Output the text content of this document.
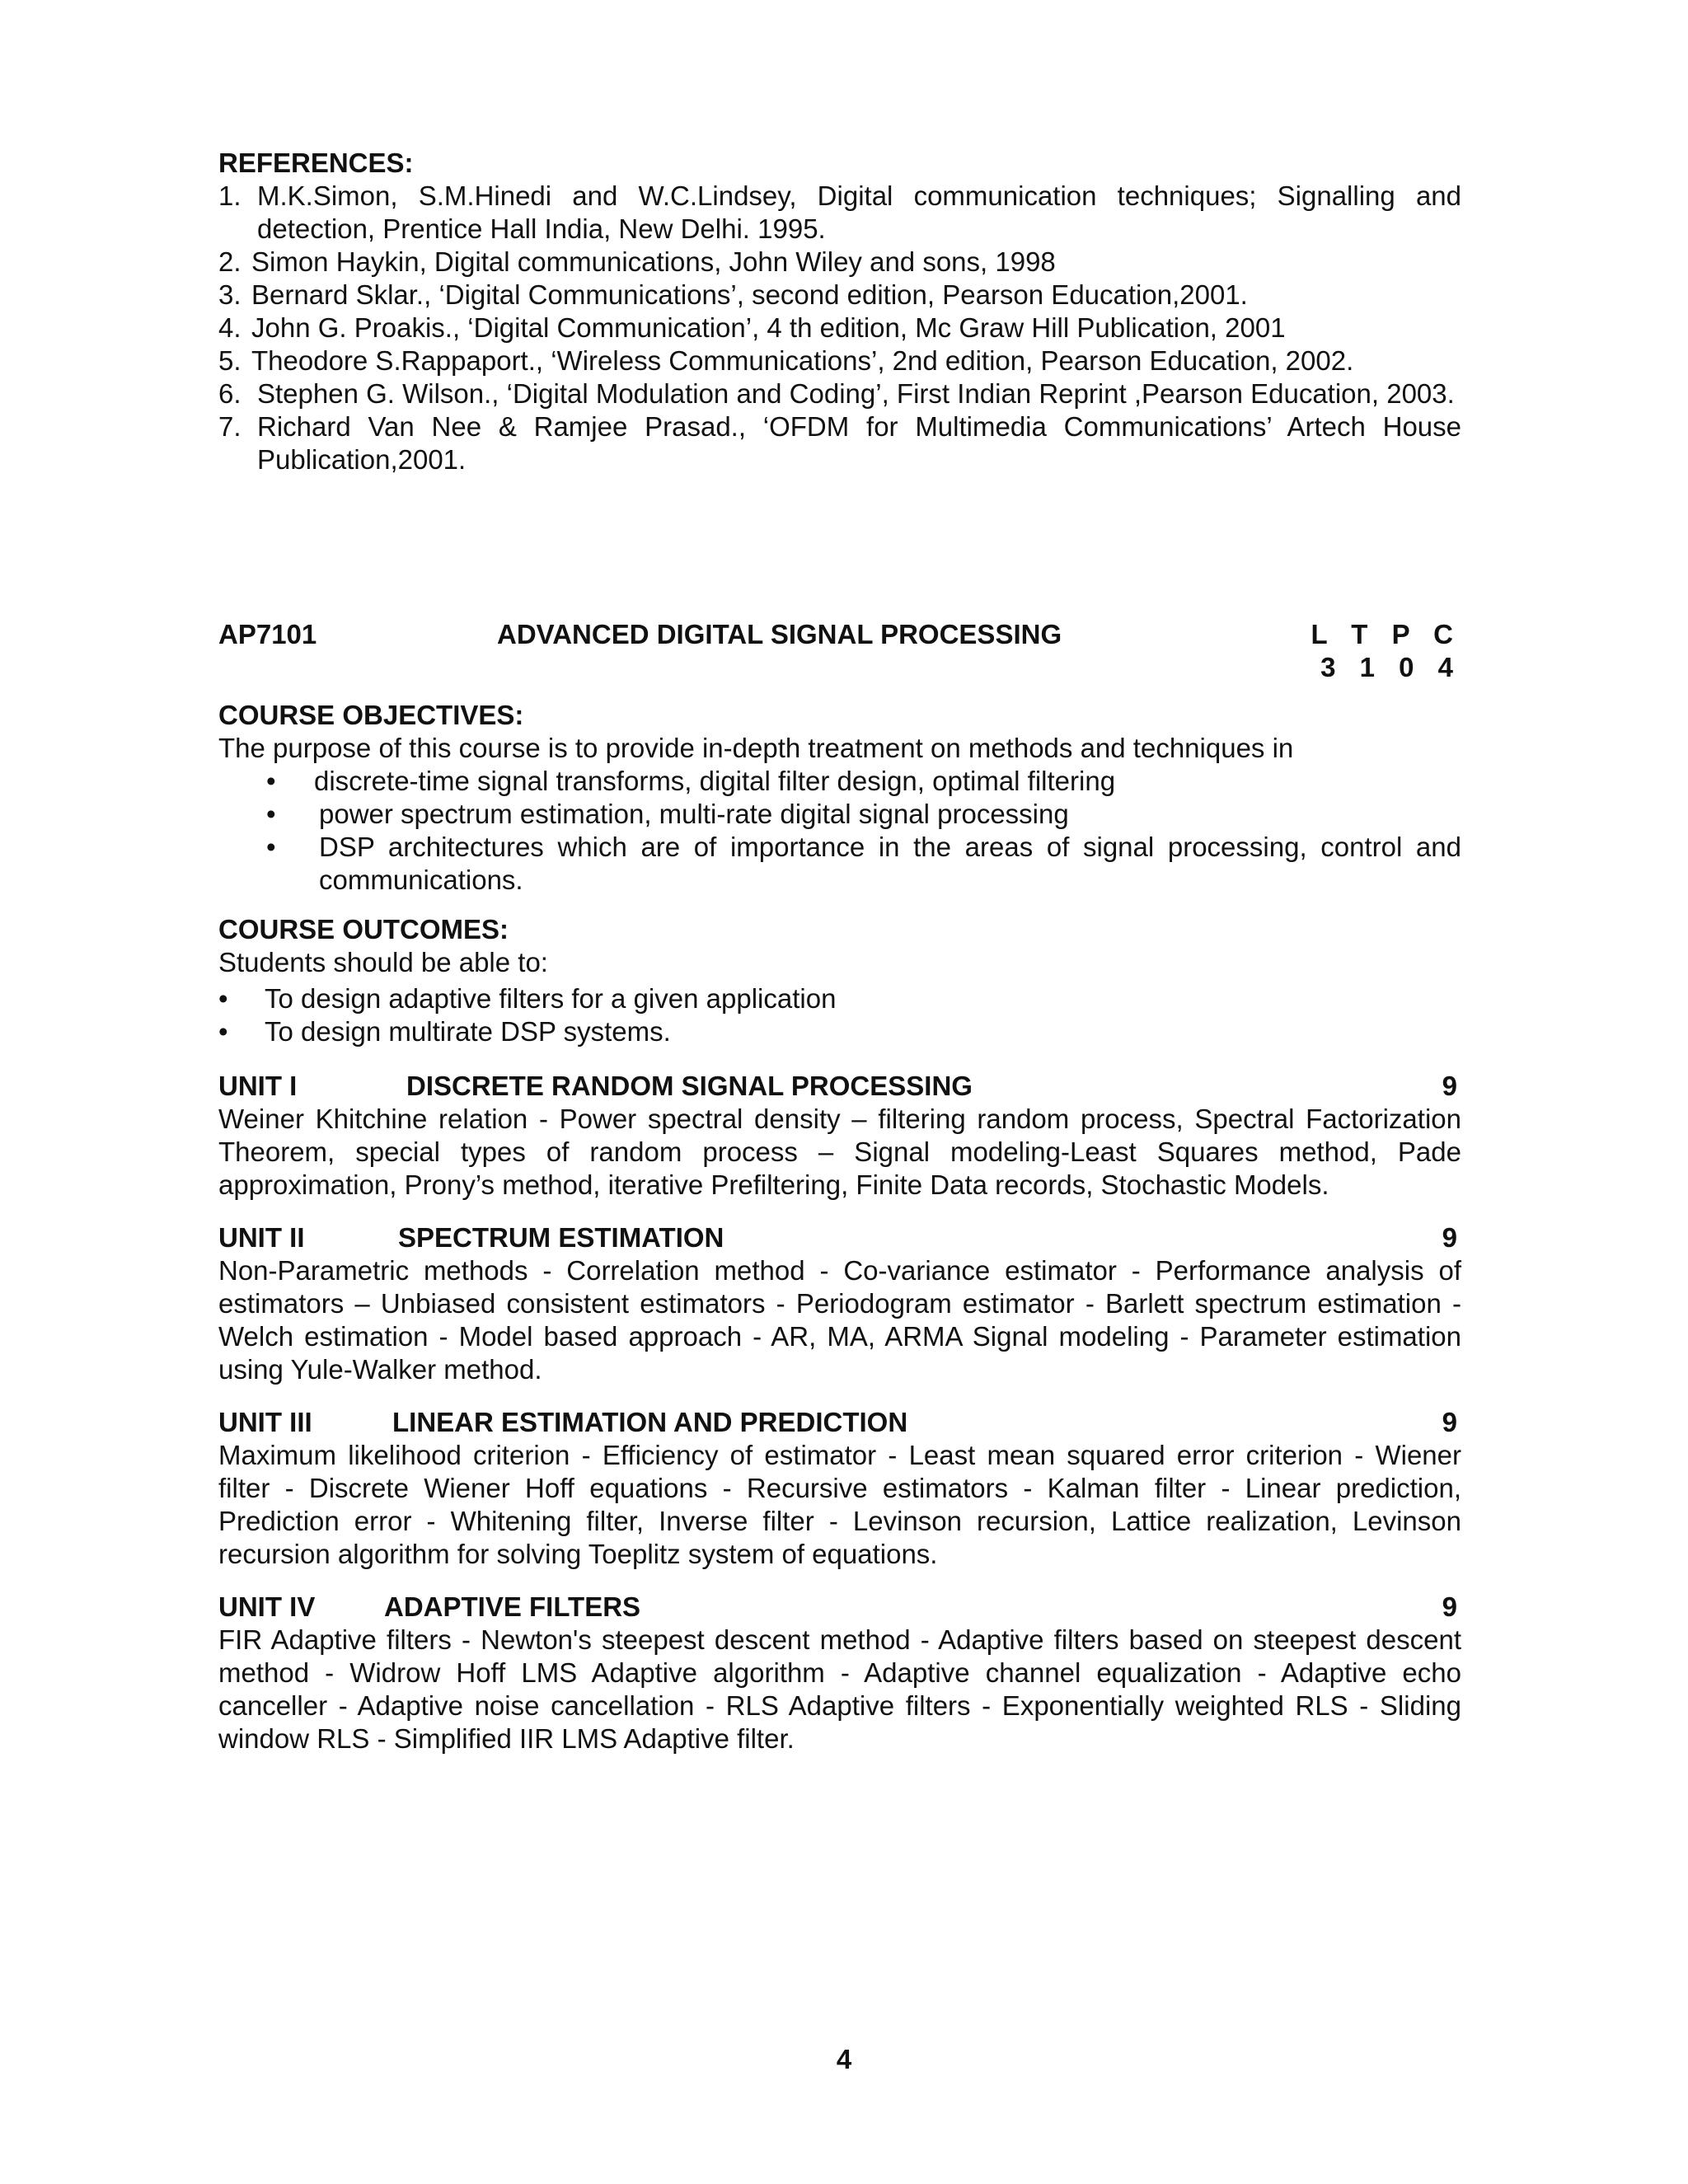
REFERENCES:
1. M.K.Simon, S.M.Hinedi and W.C.Lindsey, Digital communication techniques; Signalling and detection, Prentice Hall India, New Delhi. 1995.
2. Simon Haykin, Digital communications, John Wiley and sons, 1998
3. Bernard Sklar., ‘Digital Communications’, second edition, Pearson Education,2001.
4. John G. Proakis., ‘Digital Communication’, 4 th edition, Mc Graw Hill Publication, 2001
5. Theodore S.Rappaport., ‘Wireless Communications’, 2nd edition, Pearson Education, 2002.
6. Stephen G. Wilson., ‘Digital Modulation and Coding’, First Indian Reprint ,Pearson Education, 2003.
7. Richard Van Nee & Ramjee Prasad., ‘OFDM for Multimedia Communications’ Artech House Publication,2001.
AP7101	ADVANCED DIGITAL SIGNAL PROCESSING	L T P C
3 1 0 4
COURSE OBJECTIVES:
The purpose of this course is to provide in-depth treatment on methods and techniques in
•	discrete-time signal transforms, digital filter design, optimal filtering
•	power spectrum estimation, multi-rate digital signal processing
•	DSP architectures which are of importance in the areas of signal processing, control and communications.
COURSE OUTCOMES:
Students should be able to:
•	To design adaptive filters for a given application
•	To design multirate DSP systems.
UNIT I	DISCRETE RANDOM SIGNAL PROCESSING	9
Weiner Khitchine relation - Power spectral density – filtering random process, Spectral Factorization Theorem, special types of random process – Signal modeling-Least Squares method, Pade approximation, Prony’s method, iterative Prefiltering, Finite Data records, Stochastic Models.
UNIT II	SPECTRUM ESTIMATION	9
Non-Parametric methods - Correlation method - Co-variance estimator - Performance analysis of estimators – Unbiased consistent estimators - Periodogram estimator - Barlett spectrum estimation - Welch estimation - Model based approach - AR, MA, ARMA Signal modeling - Parameter estimation using Yule-Walker method.
UNIT III	LINEAR ESTIMATION AND PREDICTION	9
Maximum likelihood criterion - Efficiency of estimator - Least mean squared error criterion - Wiener filter - Discrete Wiener Hoff equations - Recursive estimators - Kalman filter - Linear prediction, Prediction error - Whitening filter, Inverse filter - Levinson recursion, Lattice realization, Levinson recursion algorithm for solving Toeplitz system of equations.
UNIT IV	ADAPTIVE FILTERS	9
FIR Adaptive filters - Newton's steepest descent method - Adaptive filters based on steepest descent method - Widrow Hoff LMS Adaptive algorithm - Adaptive channel equalization - Adaptive echo canceller - Adaptive noise cancellation - RLS Adaptive filters - Exponentially weighted RLS - Sliding window RLS - Simplified IIR LMS Adaptive filter.
4
